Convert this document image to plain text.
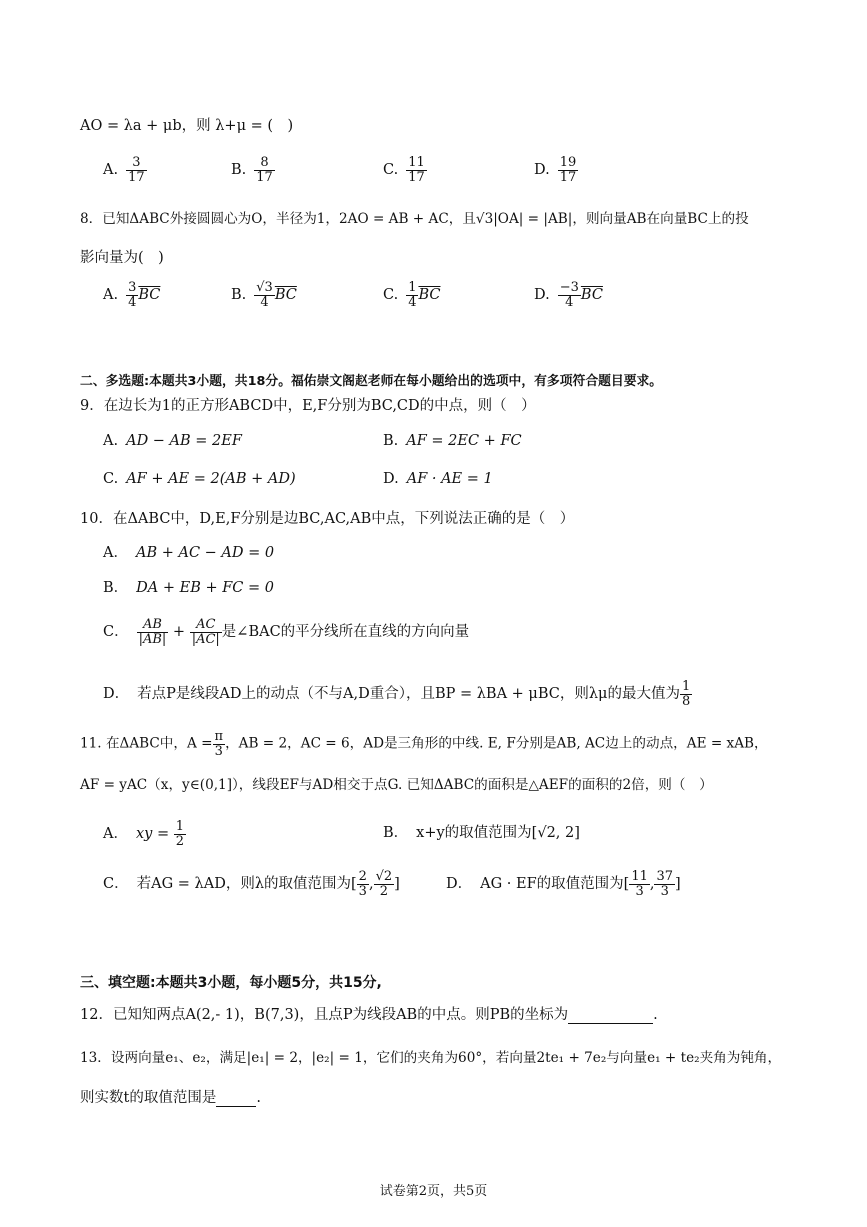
AO = λa + μb，则 λ+μ = (　)
A. $\frac{3}{17}$	B. $\frac{8}{17}$	C. $\frac{11}{17}$	D. $\frac{19}{17}$
8．已知ΔABC外接圆圆心为O，半径为1，2AO = AB + AC，且√3|OA| = |AB|，则向量AB在向量BC上的投
影向量为(　)
A. $\frac{3}{4} \overline{BC}$	B. $\frac{√3}{4} \overline{BC}$	C. $\frac{1}{4} \overline{BC}$	D. $\frac{-3}{4} \overline{BC}$
二、多选题:本题共3小题，共18分。福佑崇文阁赵老师在每小题给出的选项中，有多项符合题目要求。
9．在边长为1的正方形ABCD中，E,F分别为BC,CD的中点，则（　）
A. AD − AB = 2EF	B. AF = 2EC + FC
C. AF + AE = 2(AB + AD)	D. AF · AE = 1
10．在ΔABC中，D,E,F分别是边BC,AC,AB中点，下列说法正确的是（　）
A． AB + AC − AD = 0
B． DA + EB + FC = 0
C． $\frac{AB}{|AB|} + \frac{AC}{|AC|}$ 是∠BAC的平分线所在直线的方向向量
D． 若点P是线段AD上的动点（不与A,D重合），且BP = λBA + μBC，则λμ的最大值为 $\frac{1}{8}$
11. 在ΔABC中，$A = \frac{\pi}{3}$ ，AB = 2，AC = 6，AD是三角形的中线. E, F分别是AB, AC边上的动点，AE = xAB，
AF = yAC（x，y∈(0,1]），线段EF与AD相交于点G. 已知ΔABC的面积是△AEF的面积的2倍，则（　）
A． xy = $\frac{1}{2}$	B． x+y的取值范围为[√2, 2]
C． 若AG = λAD，则λ的取值范围为[ $\frac{2}{3}$ , $\frac{√2}{2}$ ]	D． AG · EF的取值范围为[ $\frac{11}{3}$ , $\frac{37}{3}$ ]
三、填空题:本题共3小题，每小题5分，共15分,
12．已知知两点A(2,- 1)，B(7,3)，且点P为线段AB的中点。则PB的坐标为	.
13．设两向量e₁、e₂，满足|e₁| = 2，|e₂| = 1，它们的夹角为60°，若向量2te₁ + 7e₂与向量e₁ + te₂夹角为钝角，
则实数t的取值范围是	.
试卷第2页，共5页
